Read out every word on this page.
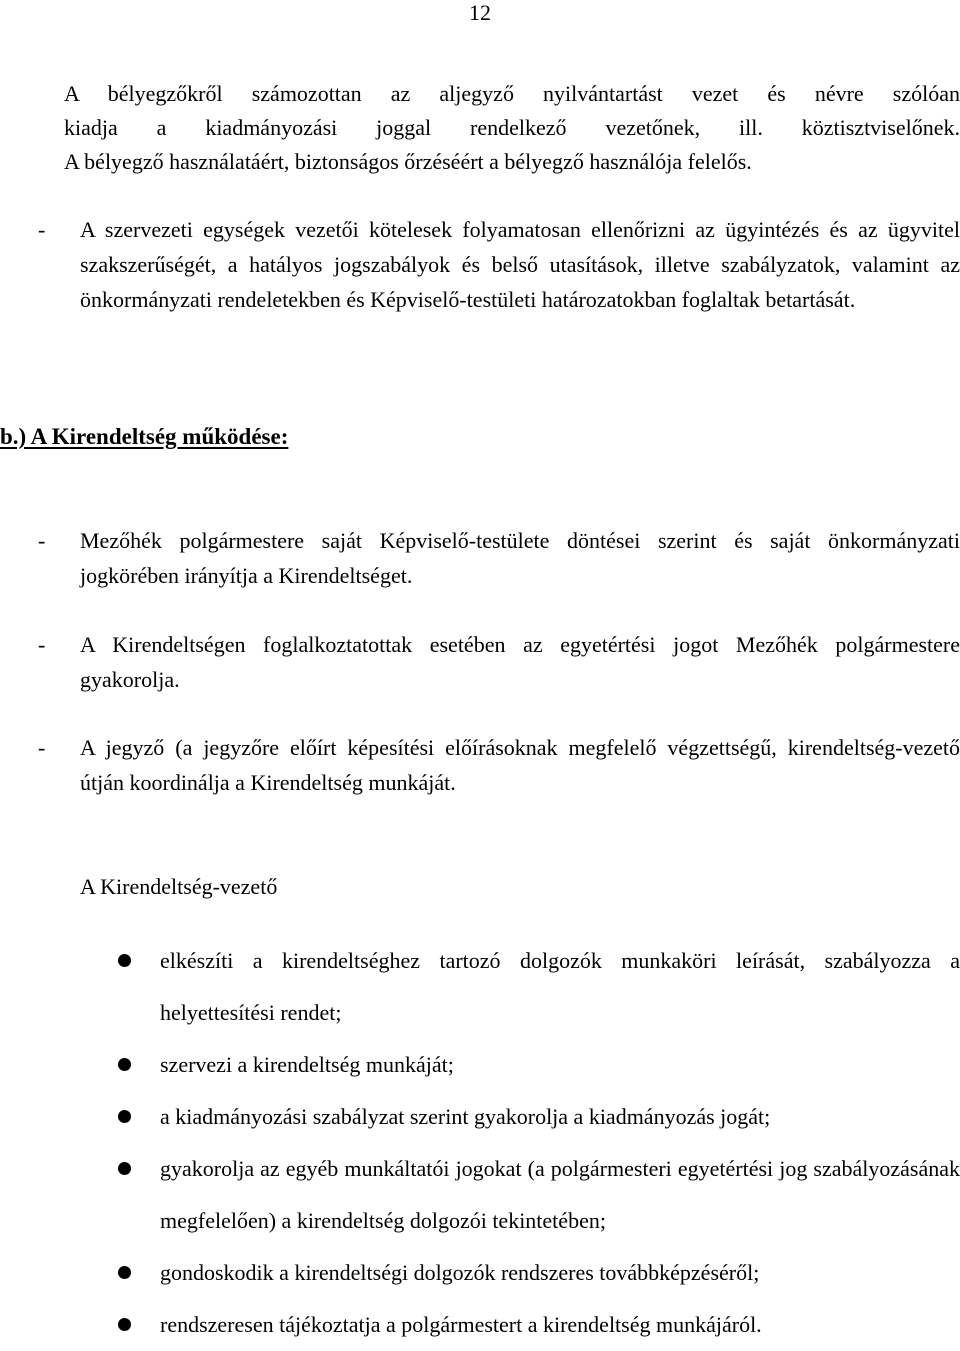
12

A bélyegzőkről számozottan az aljegyző nyilvántartást vezet és névre szólóan

kiadja a kiadmányozási joggal rendelkező vezetőnek, ill. köztisztviselőnek.

A bélyegző használatáért, biztonságos őrzéséért a bélyegző használója felelős.

- A szervezeti egységek vezetői kötelesek folyamatosan ellenőrizni az ügyintézés és az ügyvitel szakszerűségét, a hatályos jogszabályok és belső utasítások, illetve szabályzatok, valamint az önkormányzati rendeletekben és Képviselő-testületi határozatokban foglaltak betartását.
b.) A Kirendeltség működése:
- Mezőhék polgármestere saját Képviselő-testülete döntései szerint és saját önkormányzati jogkörében irányítja a Kirendeltséget.
- A Kirendeltségen foglalkoztatottak esetében az egyetértési jogot Mezőhék polgármestere gyakorolja.
- A jegyző (a jegyzőre előírt képesítési előírásoknak megfelelő végzettségű, kirendeltség-vezető útján koordinálja a Kirendeltség munkáját.
A Kirendeltség-vezető
elkészíti a kirendeltséghez tartozó dolgozók munkaköri leírását, szabályozza a helyettesítési rendet;
szervezi a kirendeltség munkáját;
a kiadmányozási szabályzat szerint gyakorolja a kiadmányozás jogát;
gyakorolja az egyéb munkáltatói jogokat (a polgármesteri egyetértési jog szabályozásának megfelelően) a kirendeltség dolgozói tekintetében;
gondoskodik a kirendeltségi dolgozók rendszeres továbbképzéséről;
rendszeresen tájékoztatja a polgármestert a kirendeltség munkájáról.
